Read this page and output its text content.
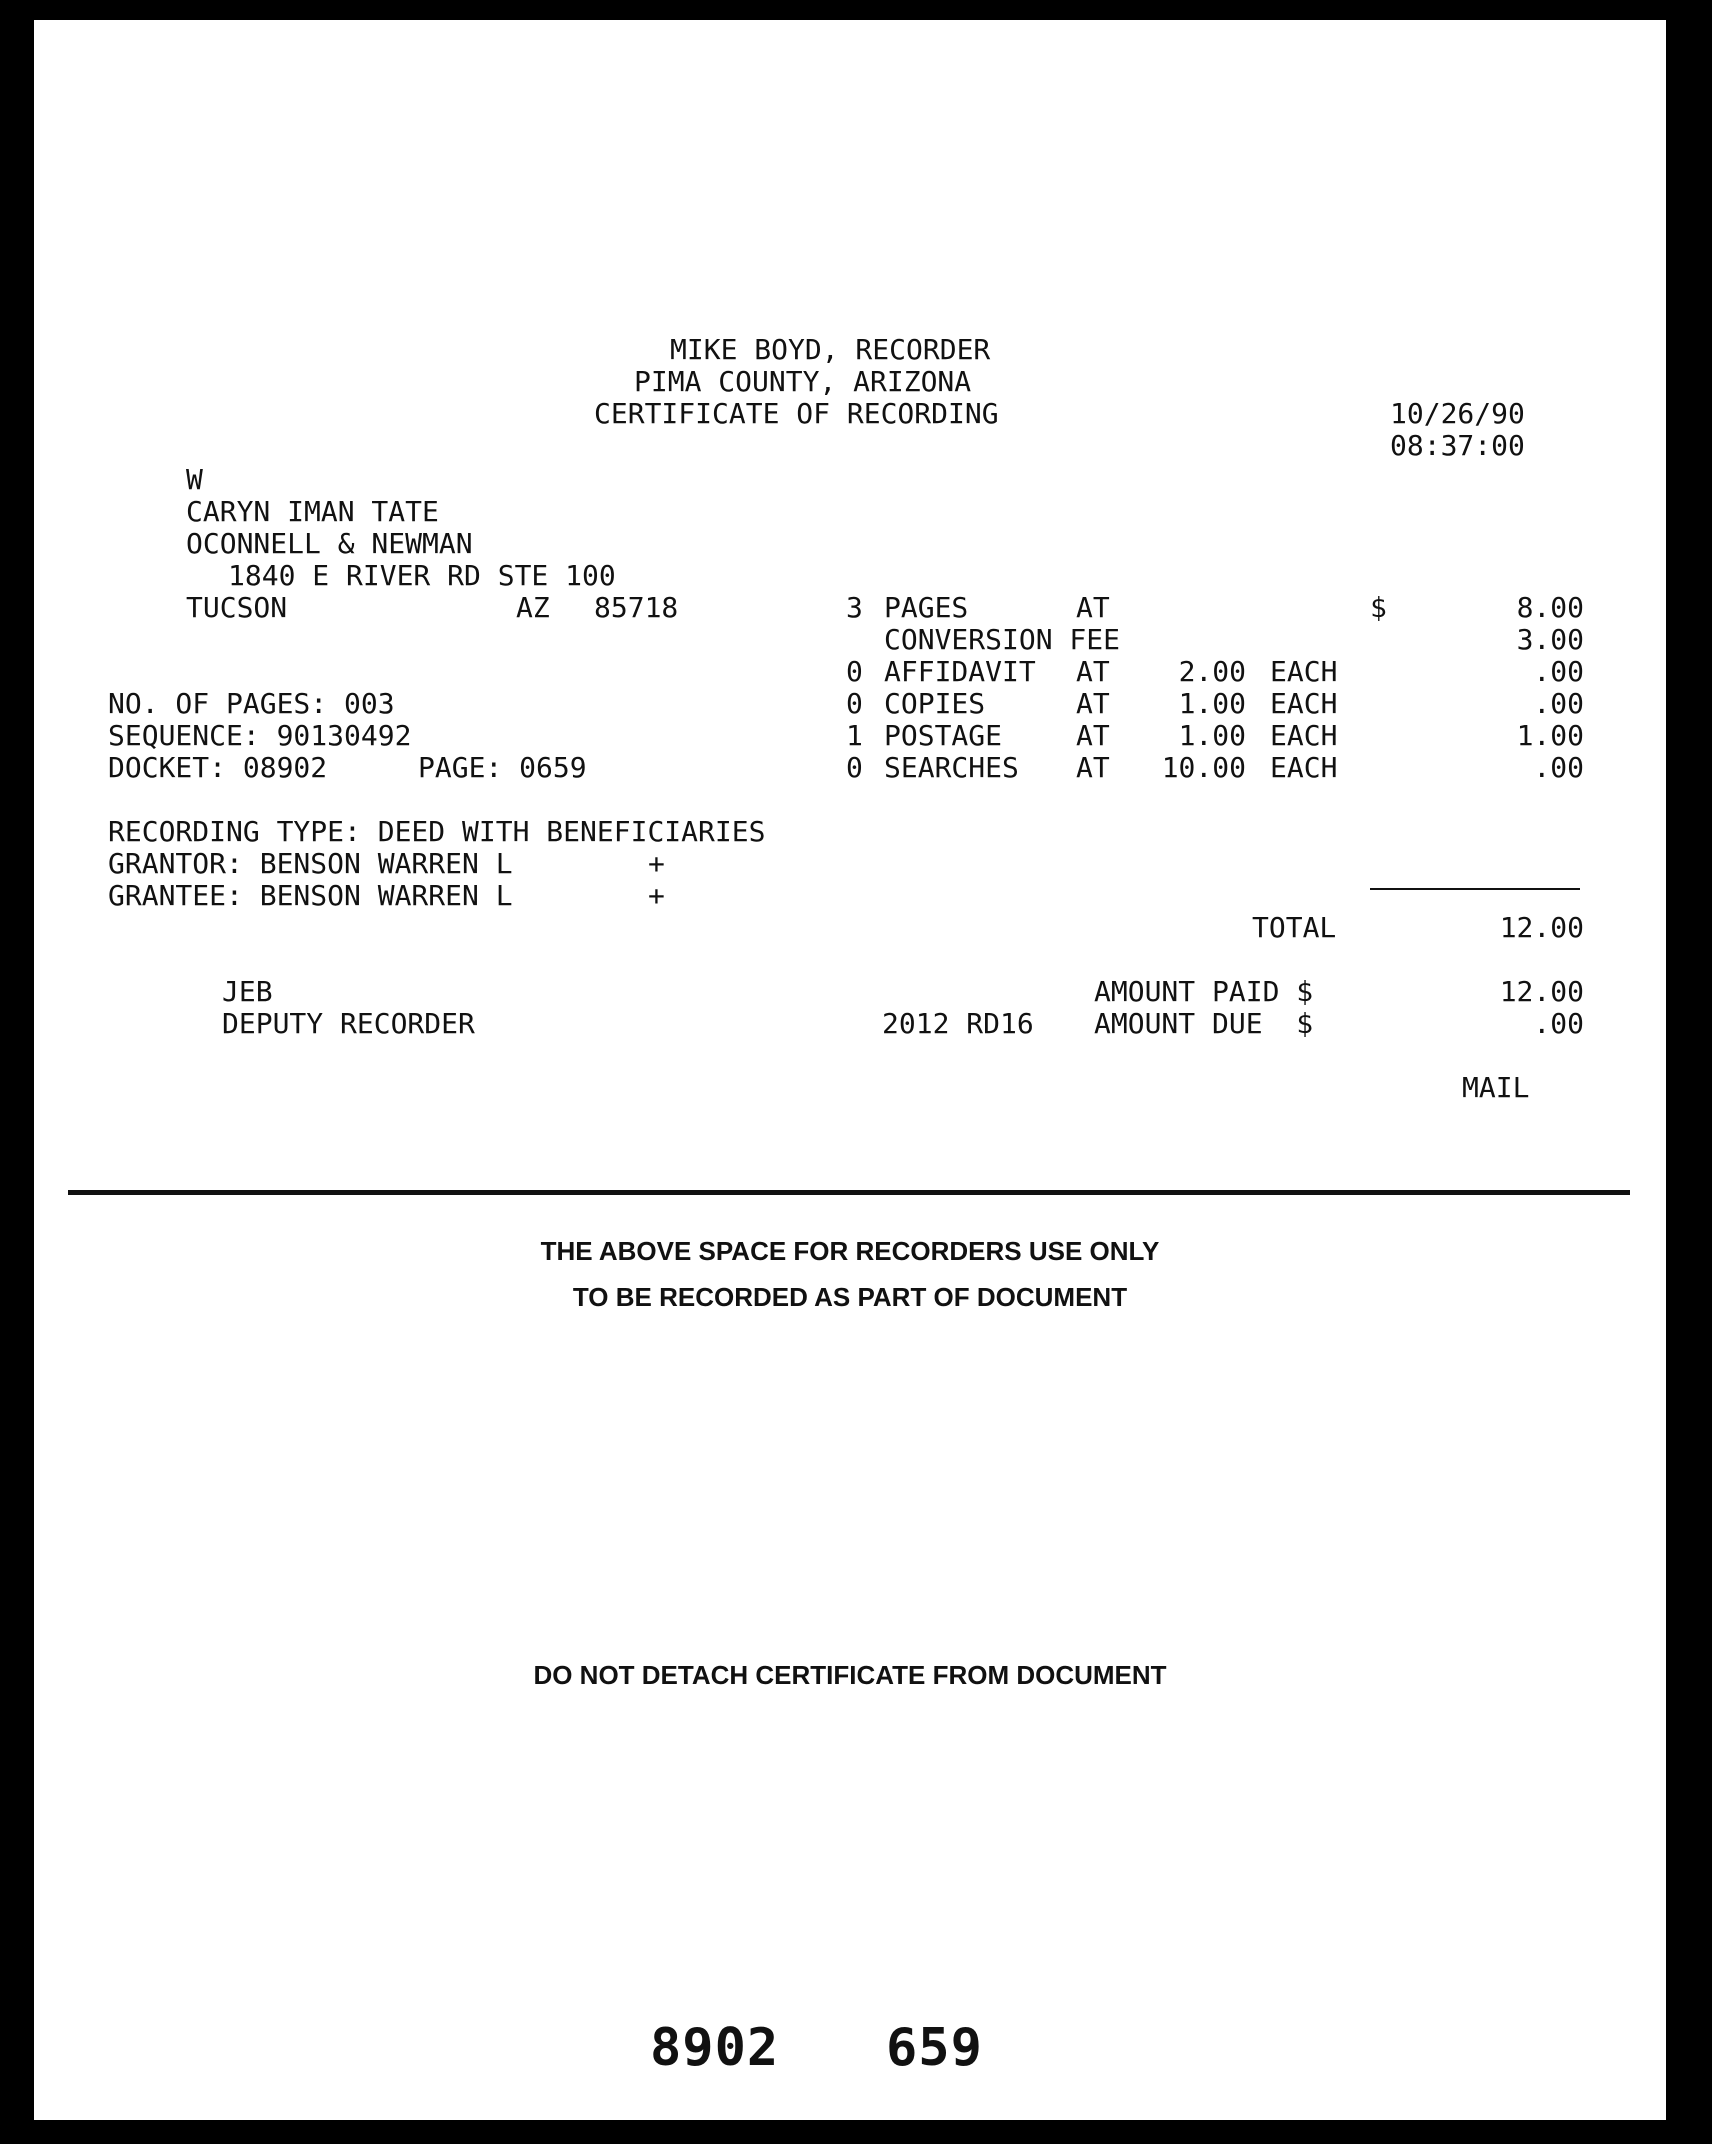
MIKE BOYD, RECORDER
PIMA COUNTY, ARIZONA
CERTIFICATE OF RECORDING	10/26/90
08:37:00
W
CARYN IMAN TATE
OCONNELL & NEWMAN
1840 E RIVER RD STE 100
TUCSON	AZ 85718	3 PAGES	AT	$	8.00
CONVERSION FEE	3.00
0 AFFIDAVIT AT	2.00 EACH	.00
0 COPIES	AT	1.00 EACH	.00
1 POSTAGE	AT	1.00 EACH	1.00
0 SEARCHES AT	10.00 EACH	.00
NO. OF PAGES: 003
SEQUENCE: 90130492
DOCKET: 08902	PAGE: 0659
RECORDING TYPE: DEED WITH BENEFICIARIES
GRANTOR: BENSON WARREN L	+
GRANTEE: BENSON WARREN L	+
TOTAL	12.00
AMOUNT PAID $	12.00
2012 RD16 AMOUNT DUE  $	.00
MAIL
JEB
DEPUTY RECORDER
THE ABOVE SPACE FOR RECORDERS USE ONLY
TO BE RECORDED AS PART OF DOCUMENT
DO NOT DETACH CERTIFICATE FROM DOCUMENT
8902 659
